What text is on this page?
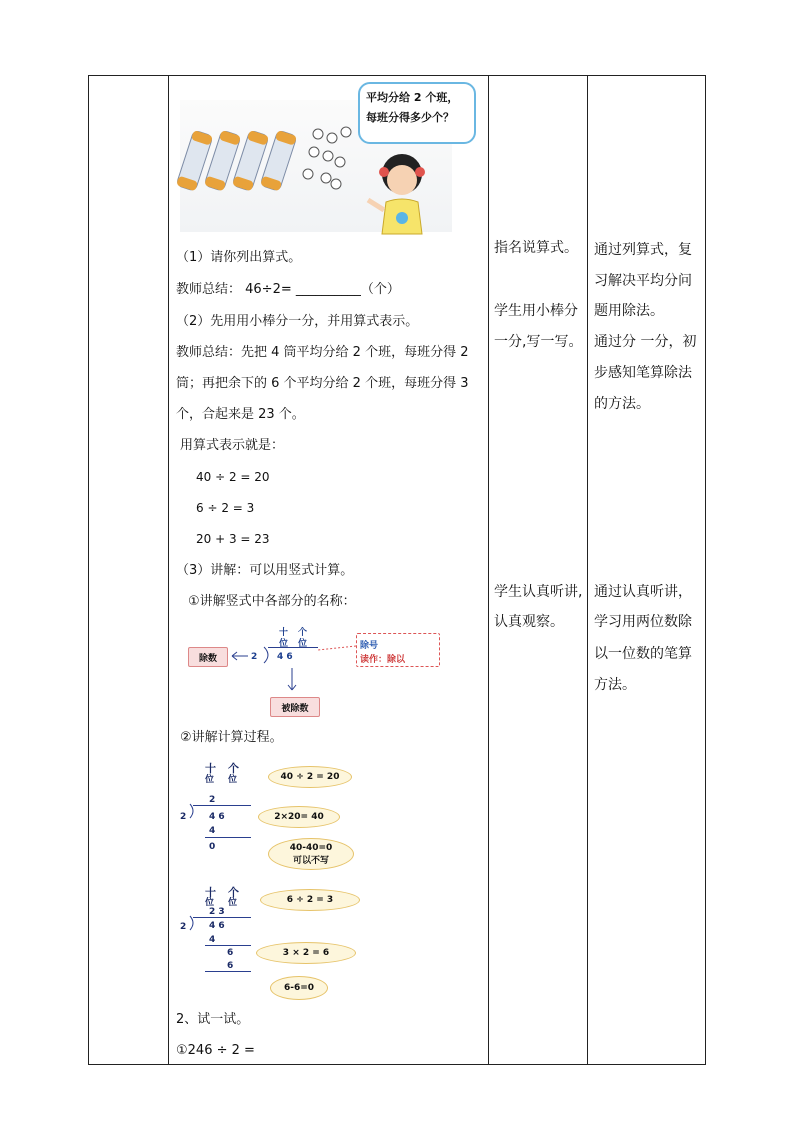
平均分给 2 个班，
每班分得多少个？
（1）请你列出算式。
教师总结： 46÷2= __________（个）
（2）先用用小棒分一分，并用算式表示。
教师总结：先把 4 筒平均分给 2 个班，每班分得 2
筒；再把余下的 6 个平均分给 2 个班，每班分得 3
个，合起来是 23 个。
用算式表示就是：
40 ÷ 2 = 20
6 ÷ 2 = 3
20 + 3 = 23
（3）讲解：可以用竖式计算。
①讲解竖式中各部分的名称：
十
位
个
位
4 6
2
除数
被除数
除号
读作：除以
②讲解计算过程。
十
位
个
位
2
2	4 6
4
0
40 ÷ 2 = 20
2×20= 40
40-40=0
可以不写
十
位
个
位
2 3
2	4 6
4
6
6
6 ÷ 2 = 3
3 × 2 = 6
6-6=0
2、试一试。
①246 ÷ 2 =
指名说算式。
学生用小棒分
一分,写一写。
学生认真听讲,
认真观察。
通过列算式，复
习解决平均分问
题用除法。
通过分 一分，初
步感知笔算除法
的方法。
通过认真听讲，
学习用两位数除
以一位数的笔算
方法。
